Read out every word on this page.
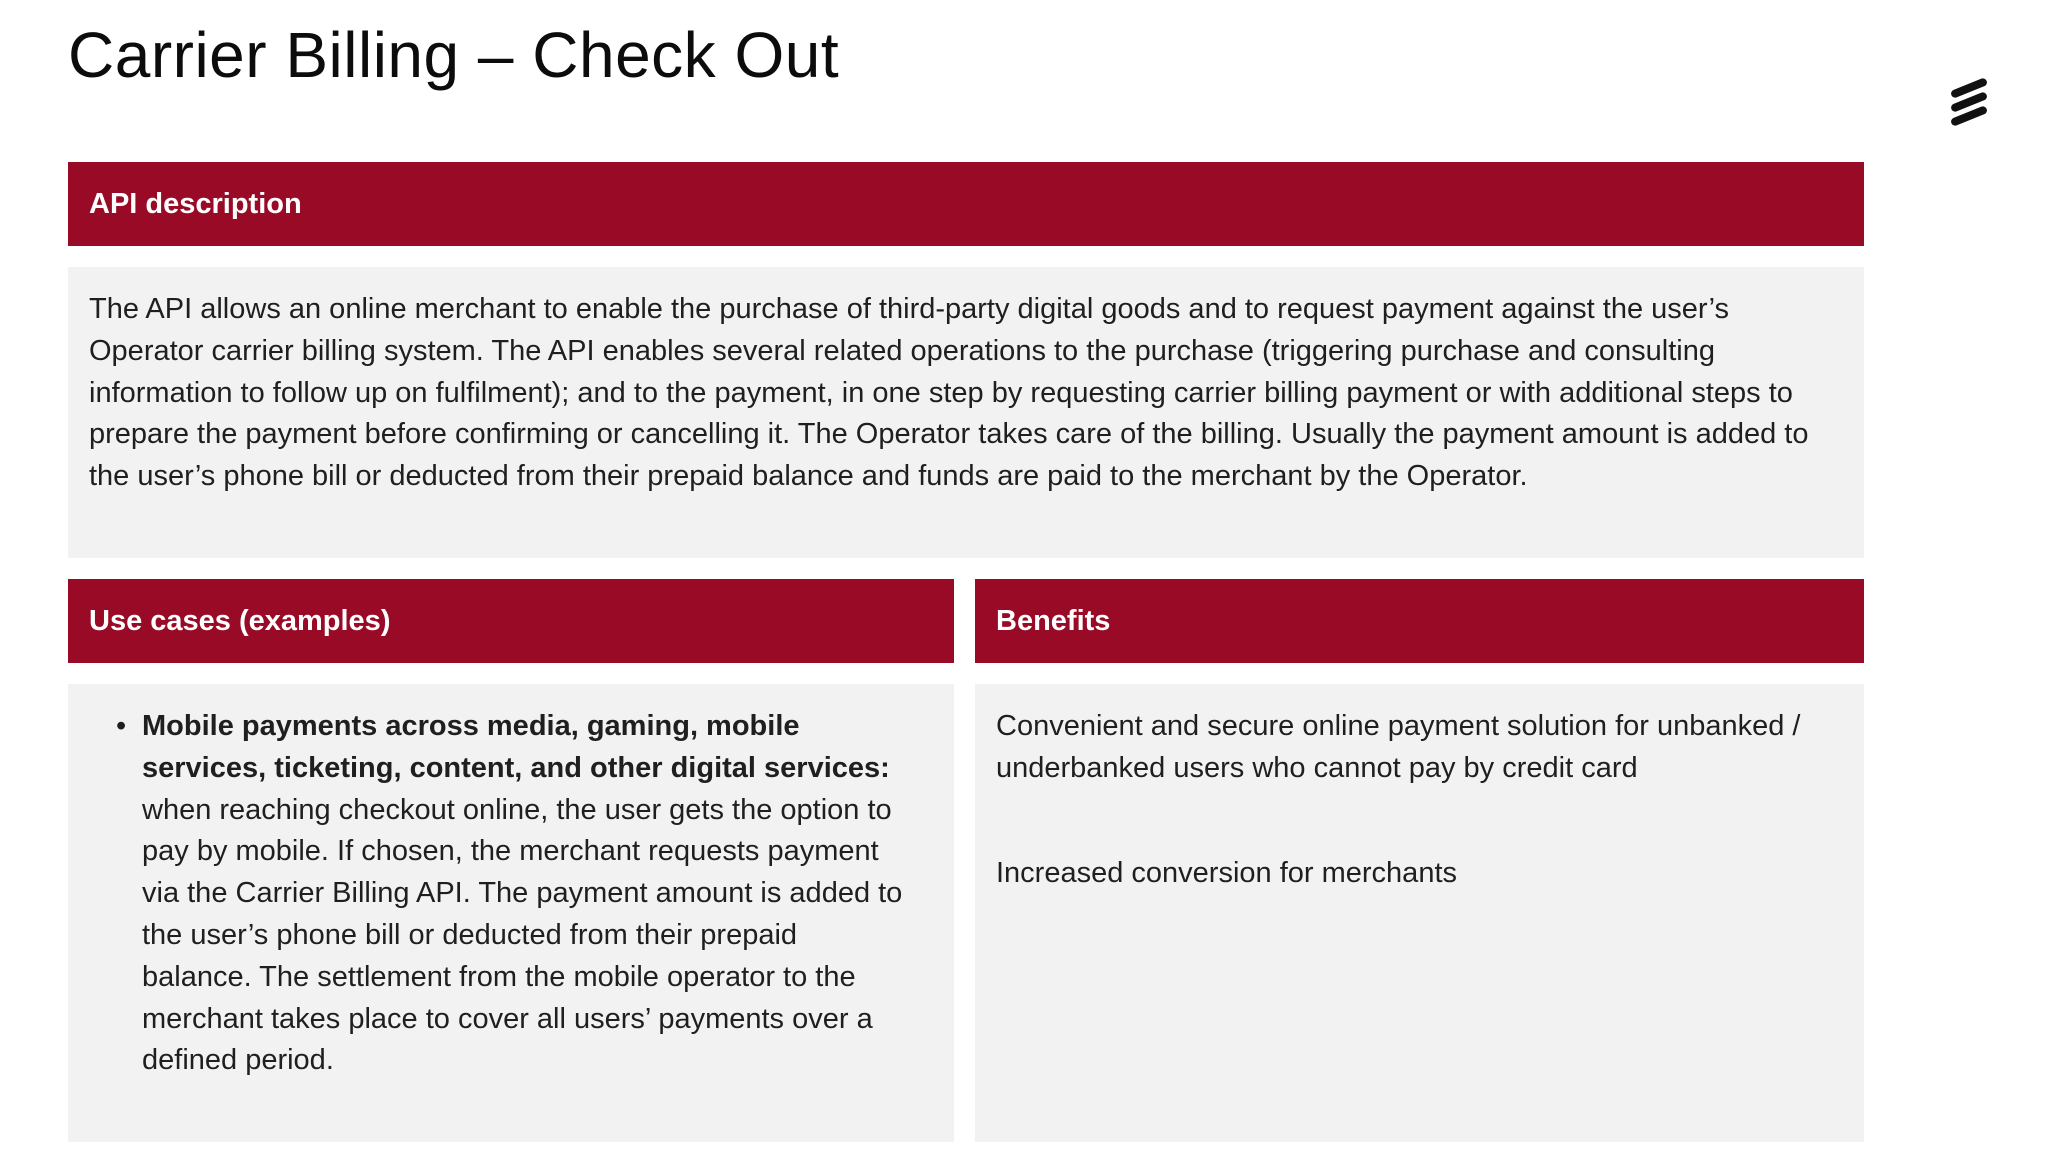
Carrier Billing – Check Out
API description
The API allows an online merchant to enable the purchase of third-party digital goods and to request payment against the user’s Operator carrier billing system. The API enables several related operations to the purchase (triggering purchase and consulting information to follow up on fulfilment); and to the payment, in one step by requesting carrier billing payment or with additional steps to prepare the payment before confirming or cancelling it. The Operator takes care of the billing. Usually the payment amount is added to the user’s phone bill or deducted from their prepaid balance and funds are paid to the merchant by the Operator.
Use cases (examples)
• Mobile payments across media, gaming, mobile services, ticketing, content, and other digital services: when reaching checkout online, the user gets the option to pay by mobile. If chosen, the merchant requests payment via the Carrier Billing API. The payment amount is added to the user’s phone bill or deducted from their prepaid balance. The settlement from the mobile operator to the merchant takes place to cover all users’ payments over a defined period.
Benefits

Convenient and secure online payment solution for unbanked / underbanked users who cannot pay by credit card

Increased conversion for merchants
